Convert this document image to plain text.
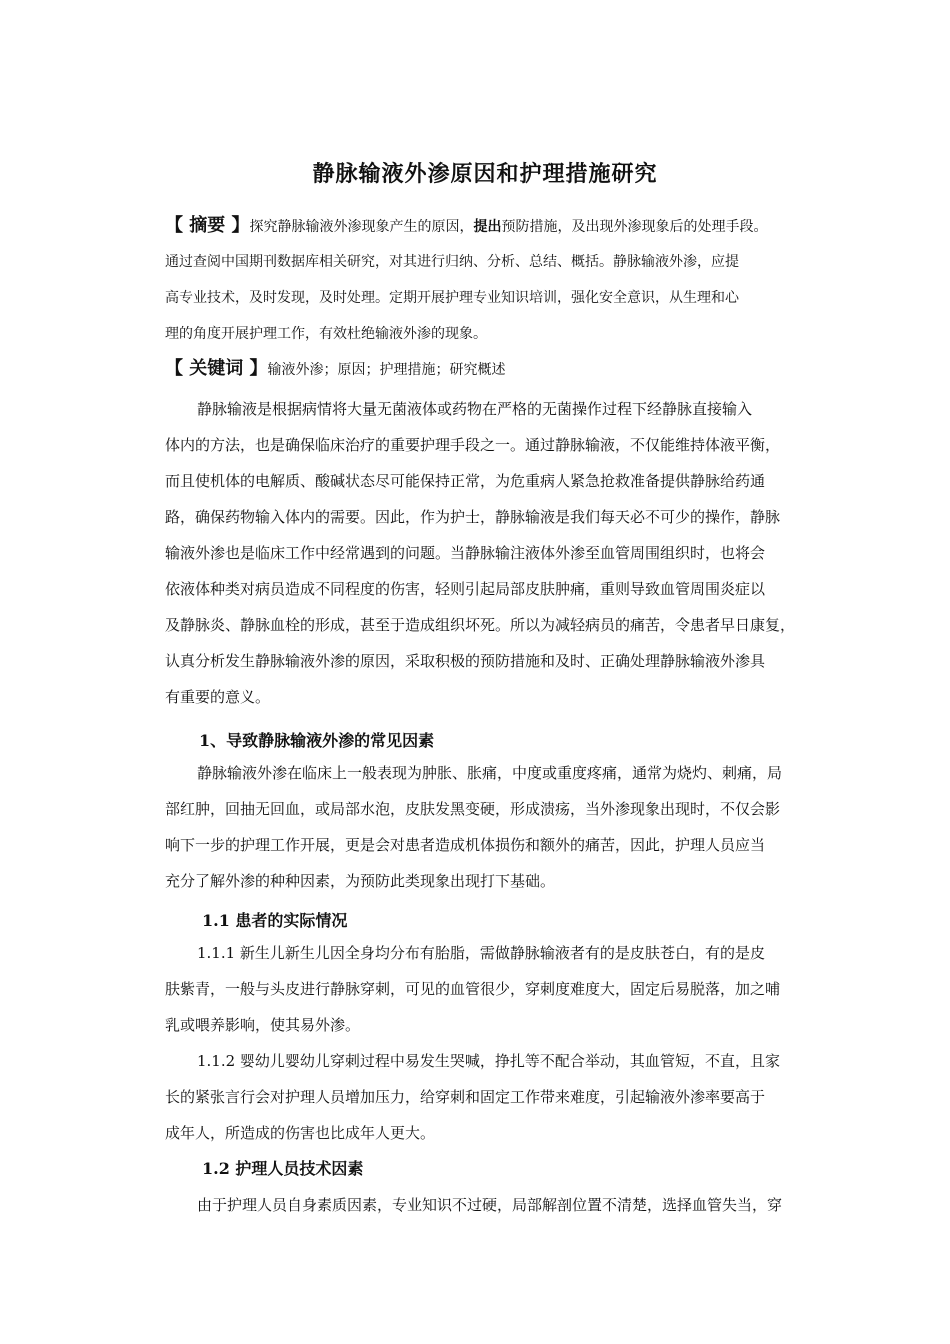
静脉输液外渗原因和护理措施研究
【 摘要 】探究静脉输液外渗现象产生的原因，提出预防措施，及出现外渗现象后的处理手段。
通过查阅中国期刊数据库相关研究，对其进行归纳、分析、总结、概括。静脉输液外渗，应提
高专业技术，及时发现，及时处理。定期开展护理专业知识培训，强化安全意识，从生理和心
理的角度开展护理工作，有效杜绝输液外渗的现象。
【 关键词 】输液外渗；原因；护理措施；研究概述
静脉输液是根据病情将大量无菌液体或药物在严格的无菌操作过程下经静脉直接输入
体内的方法，也是确保临床治疗的重要护理手段之一。通过静脉输液，不仅能维持体液平衡，
而且使机体的电解质、酸碱状态尽可能保持正常，为危重病人紧急抢救准备提供静脉给药通
路，确保药物输入体内的需要。因此，作为护士，静脉输液是我们每天必不可少的操作，静脉
输液外渗也是临床工作中经常遇到的问题。当静脉输注液体外渗至血管周围组织时，也将会
依液体种类对病员造成不同程度的伤害，轻则引起局部皮肤肿痛，重则导致血管周围炎症以
及静脉炎、静脉血栓的形成，甚至于造成组织坏死。所以为减轻病员的痛苦，令患者早日康复，
认真分析发生静脉输液外渗的原因，采取积极的预防措施和及时、正确处理静脉输液外渗具
有重要的意义。
1、导致静脉输液外渗的常见因素
静脉输液外渗在临床上一般表现为肿胀、胀痛，中度或重度疼痛，通常为烧灼、刺痛，局
部红肿，回抽无回血，或局部水泡，皮肤发黑变硬，形成溃疡，当外渗现象出现时，不仅会影
响下一步的护理工作开展，更是会对患者造成机体损伤和额外的痛苦，因此，护理人员应当
充分了解外渗的种种因素，为预防此类现象出现打下基础。
1.1 患者的实际情况
1.1.1 新生儿新生儿因全身均分布有胎脂，需做静脉输液者有的是皮肤苍白，有的是皮
肤紫青，一般与头皮进行静脉穿刺，可见的血管很少，穿刺度难度大，固定后易脱落，加之哺
乳或喂养影响，使其易外渗。
1.1.2 婴幼儿婴幼儿穿刺过程中易发生哭喊，挣扎等不配合举动，其血管短，不直，且家
长的紧张言行会对护理人员增加压力，给穿刺和固定工作带来难度，引起输液外渗率要高于
成年人，所造成的伤害也比成年人更大。
1.2 护理人员技术因素
由于护理人员自身素质因素，专业知识不过硬，局部解剖位置不清楚，选择血管失当，穿
